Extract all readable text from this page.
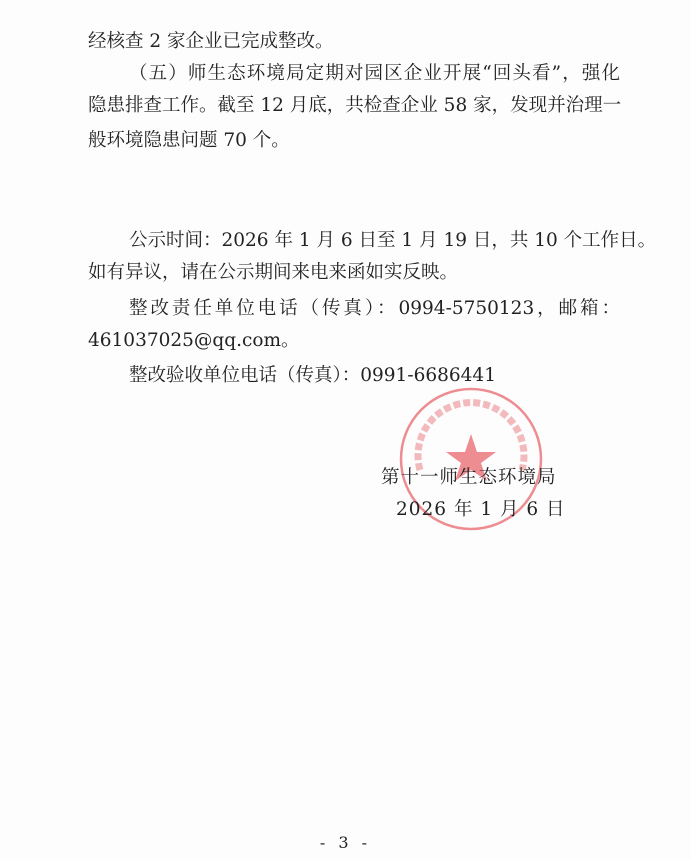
经核查 2 家企业已完成整改。
（五）师生态环境局定期对园区企业开展“回头看”，强化
隐患排查工作。截至 12 月底，共检查企业 58 家，发现并治理一
般环境隐患问题 70 个。
公示时间：2026 年 1 月 6 日至 1 月 19 日，共 10 个工作日。
如有异议，请在公示期间来电来函如实反映。
整改责任单位电话（传真）：0994-5750123，邮箱：
461037025@qq.com。
整改验收单位电话（传真）：0991-6686441
第十一师生态环境局
2026 年 1 月 6 日
- 3 -
